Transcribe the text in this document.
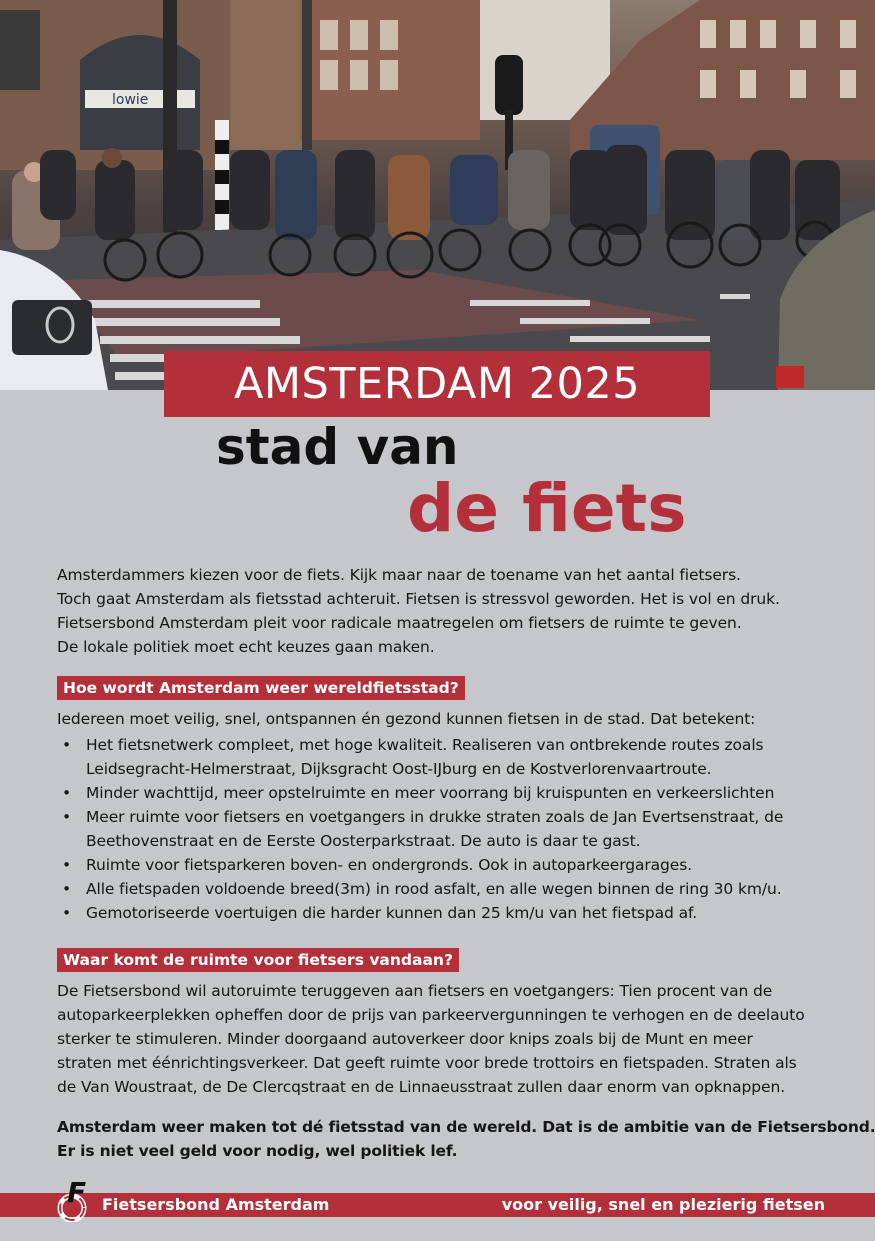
lowie
AMSTERDAM 2025
stad van
de fiets

Amsterdammers kiezen voor de fiets. Kijk maar naar de toename van het aantal fietsers.

Toch gaat Amsterdam als fietsstad achteruit. Fietsen is stressvol geworden. Het is vol en druk.

Fietsersbond Amsterdam pleit voor radicale maatregelen om fietsers de ruimte te geven.

De lokale politiek moet echt keuzes gaan maken.

Hoe wordt Amsterdam weer wereldfietsstad?
Iedereen moet veilig, snel, ontspannen én gezond kunnen fietsen in de stad. Dat betekent:
• Het fietsnetwerk compleet, met hoge kwaliteit. Realiseren van ontbrekende routes zoals
Leidsegracht-Helmerstraat, Dijksgracht Oost-IJburg en de Kostverlorenvaartroute.
• Minder wachttijd, meer opstelruimte en meer voorrang bij kruispunten en verkeerslichten
• Meer ruimte voor fietsers en voetgangers in drukke straten zoals de Jan Evertsenstraat, de
Beethovenstraat en de Eerste Oosterparkstraat. De auto is daar te gast.
• Ruimte voor fietsparkeren boven- en ondergronds. Ook in autoparkeergarages.
• Alle fietspaden voldoende breed(3m) in rood asfalt, en alle wegen binnen de ring 30 km/u.
• Gemotoriseerde voertuigen die harder kunnen dan 25 km/u van het fietspad af.
Waar komt de ruimte voor fietsers vandaan?

De Fietsersbond wil autoruimte teruggeven aan fietsers en voetgangers: Tien procent van de

autoparkeerplekken opheffen door de prijs van parkeervergunningen te verhogen en de deelauto

sterker te stimuleren. Minder doorgaand autoverkeer door knips zoals bij de Munt en meer

straten met éénrichtingsverkeer. Dat geeft ruimte voor brede trottoirs en fietspaden. Straten als

de Van Woustraat, de De Clercqstraat en de Linnaeusstraat zullen daar enorm van opknappen.

Amsterdam weer maken tot dé fietsstad van de wereld. Dat is de ambitie van de Fietsersbond.

Er is niet veel geld voor nodig, wel politiek lef.

Fietsersbond Amsterdam	voor veilig, snel en plezierig fietsen
F
